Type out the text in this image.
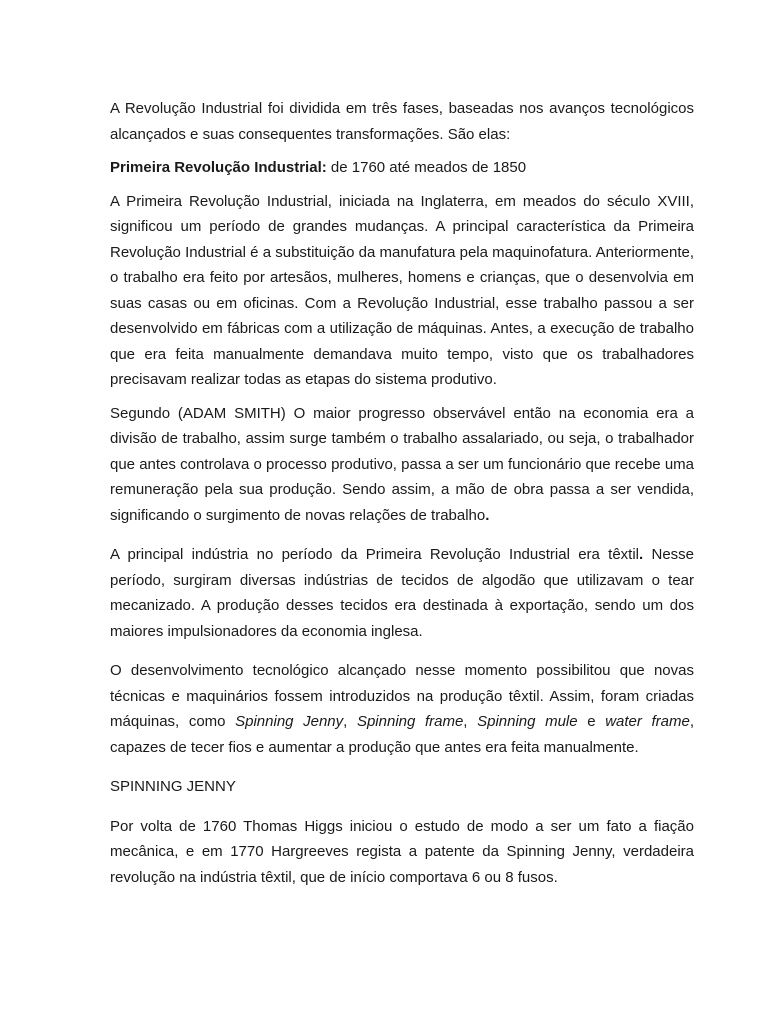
A Revolução Industrial foi dividida em três fases, baseadas nos avanços tecnológicos alcançados e suas consequentes transformações. São elas:

Primeira Revolução Industrial: de 1760 até meados de 1850

A Primeira Revolução Industrial, iniciada na Inglaterra, em meados do século XVIII, significou um período de grandes mudanças. A principal característica da Primeira Revolução Industrial é a substituição da manufatura pela maquinofatura. Anteriormente, o trabalho era feito por artesãos, mulheres, homens e crianças, que o desenvolvia em suas casas ou em oficinas. Com a Revolução Industrial, esse trabalho passou a ser desenvolvido em fábricas com a utilização de máquinas. Antes, a execução de trabalho que era feita manualmente demandava muito tempo, visto que os trabalhadores precisavam realizar todas as etapas do sistema produtivo.

Segundo (ADAM SMITH) O maior progresso observável então na economia era a divisão de trabalho, assim surge também o trabalho assalariado, ou seja, o trabalhador que antes controlava o processo produtivo, passa a ser um funcionário que recebe uma remuneração pela sua produção. Sendo assim, a mão de obra passa a ser vendida, significando o surgimento de novas relações de trabalho.

A principal indústria no período da Primeira Revolução Industrial era têxtil. Nesse período, surgiram diversas indústrias de tecidos de algodão que utilizavam o tear mecanizado. A produção desses tecidos era destinada à exportação, sendo um dos maiores impulsionadores da economia inglesa.

O desenvolvimento tecnológico alcançado nesse momento possibilitou que novas técnicas e maquinários fossem introduzidos na produção têxtil. Assim, foram criadas máquinas, como Spinning Jenny, Spinning frame, Spinning mule e water frame, capazes de tecer fios e aumentar a produção que antes era feita manualmente.

SPINNING JENNY

Por volta de 1760 Thomas Higgs iniciou o estudo de modo a ser um fato a fiação mecânica, e em 1770 Hargreeves regista a patente da Spinning Jenny, verdadeira revolução na indústria têxtil, que de início comportava 6 ou 8 fusos.
